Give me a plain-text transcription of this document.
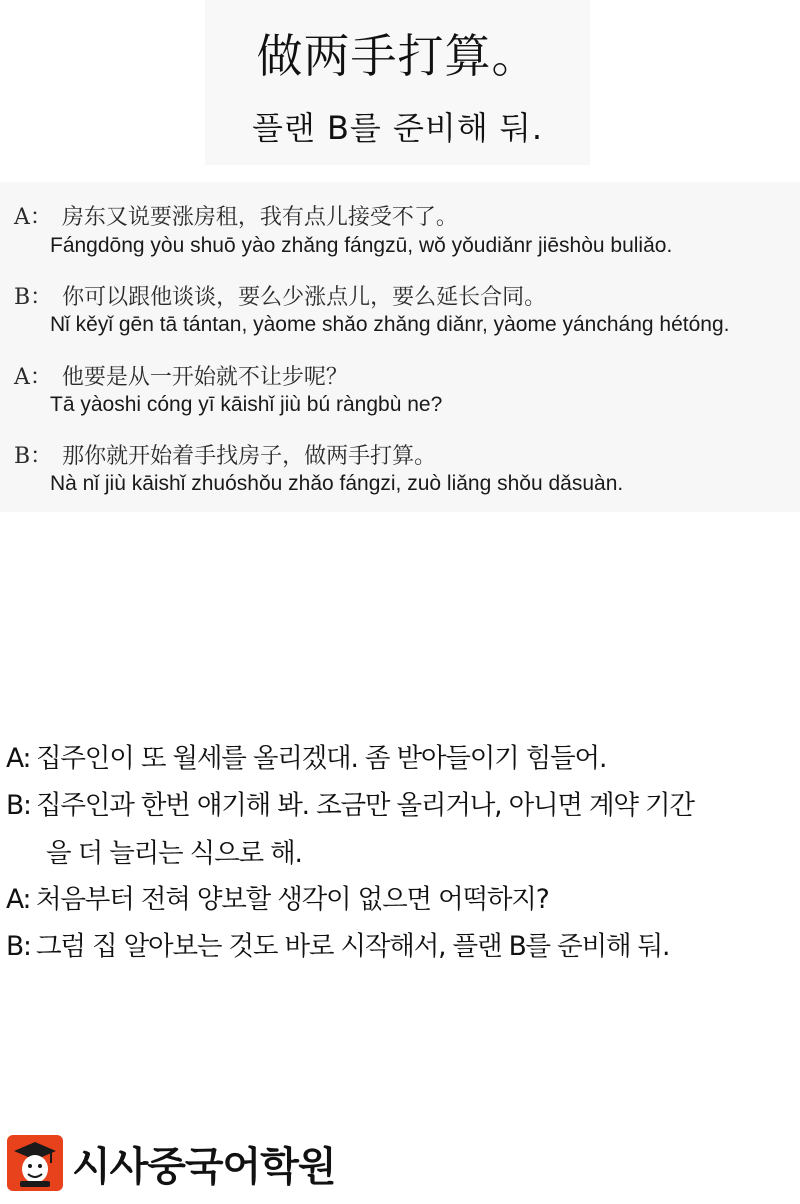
做两手打算。
플랜 B를 준비해 둬.
A： 房东又说要涨房租，我有点儿接受不了。
Fángdōng yòu shuō yào zhǎng fángzū, wǒ yǒudiǎnr jiēshòu buliǎo.
B： 你可以跟他谈谈，要么少涨点儿，要么延长合同。
Nǐ kěyǐ gēn tā tántan, yàome shǎo zhǎng diǎnr, yàome yáncháng hétóng.
A： 他要是从一开始就不让步呢？
Tā yàoshi cóng yī kāishǐ jiù bú ràngbù ne?
B： 那你就开始着手找房子，做两手打算。
Nà nǐ jiù kāishǐ zhuóshǒu zhǎo fángzi, zuò liǎng shǒu dǎsuàn.
A: 집주인이 또 월세를 올리겠대. 좀 받아들이기 힘들어.
B: 집주인과 한번 얘기해 봐. 조금만 올리거나, 아니면 계약 기간
을 더 늘리는 식으로 해.
A: 처음부터 전혀 양보할 생각이 없으면 어떡하지?
B: 그럼 집 알아보는 것도 바로 시작해서, 플랜 B를 준비해 둬.
시사중국어학원
